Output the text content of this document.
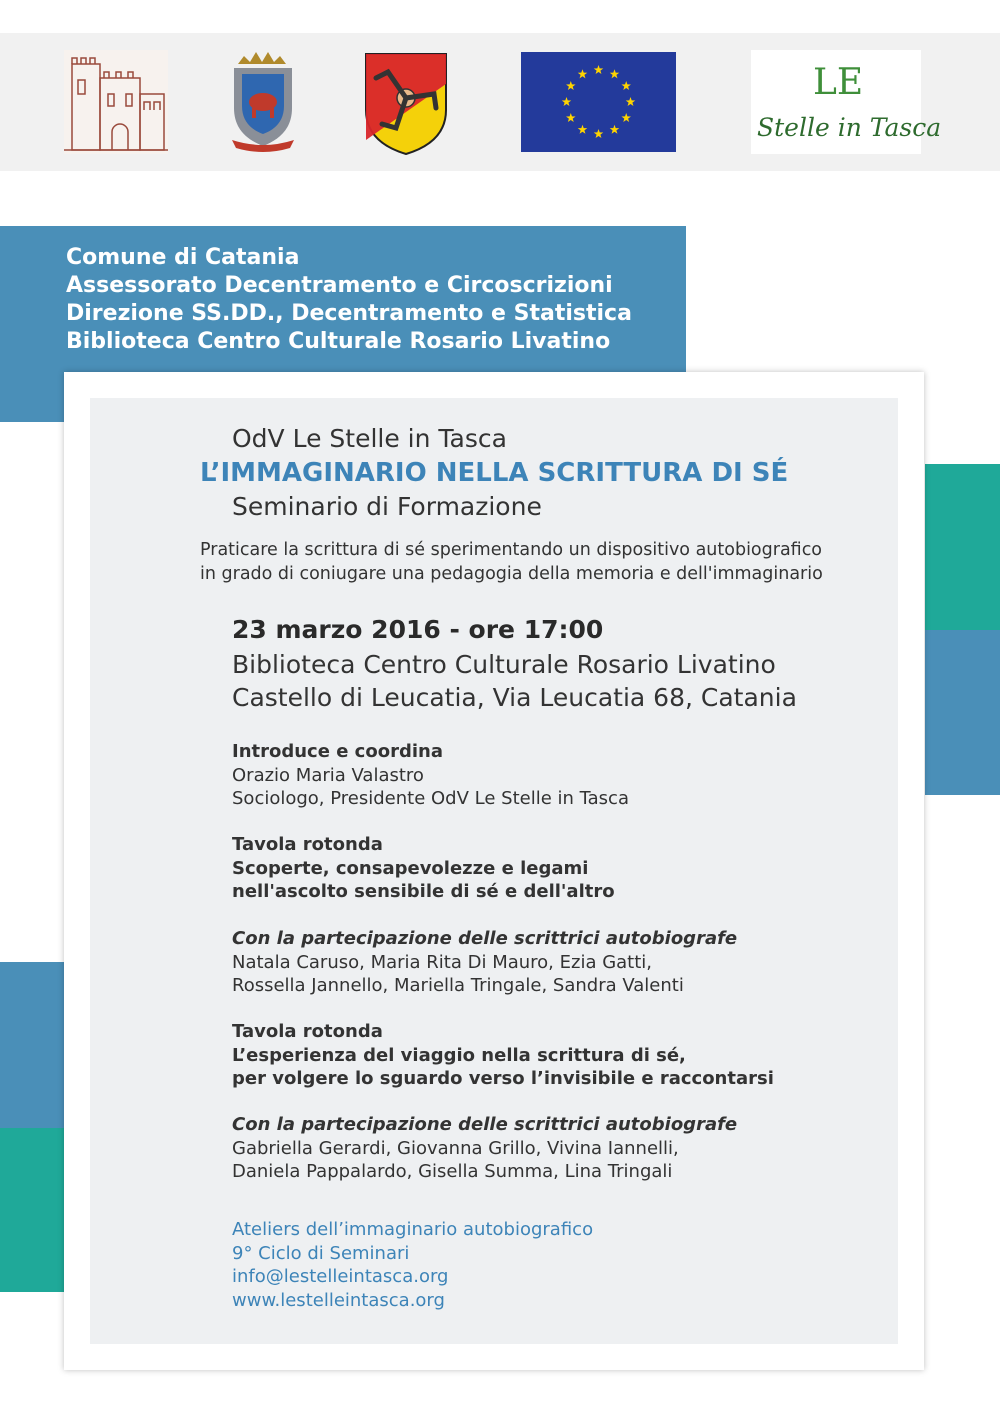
LE
Stelle in Tasca
Comune di Catania
Assessorato Decentramento e Circoscrizioni
Direzione SS.DD., Decentramento e Statistica
Biblioteca Centro Culturale Rosario Livatino
OdV Le Stelle in Tasca
L’IMMAGINARIO NELLA SCRITTURA DI SÉ
Seminario di Formazione
Praticare la scrittura di sé sperimentando un dispositivo autobiografico
in grado di coniugare una pedagogia della memoria e dell'immaginario
23 marzo 2016 - ore 17:00
Biblioteca Centro Culturale Rosario Livatino
Castello di Leucatia, Via Leucatia 68, Catania
Introduce e coordina
Orazio Maria Valastro
Sociologo, Presidente OdV Le Stelle in Tasca
Tavola rotonda
Scoperte, consapevolezze e legami
nell'ascolto sensibile di sé e dell'altro
Con la partecipazione delle scrittrici autobiografe
Natala Caruso, Maria Rita Di Mauro, Ezia Gatti,
Rossella Jannello, Mariella Tringale, Sandra Valenti
Tavola rotonda
L’esperienza del viaggio nella scrittura di sé,
per volgere lo sguardo verso l’invisibile e raccontarsi
Con la partecipazione delle scrittrici autobiografe
Gabriella Gerardi, Giovanna Grillo, Vivina Iannelli,
Daniela Pappalardo, Gisella Summa, Lina Tringali
Ateliers dell’immaginario autobiografico
9° Ciclo di Seminari
info@lestelleintasca.org
www.lestelleintasca.org
